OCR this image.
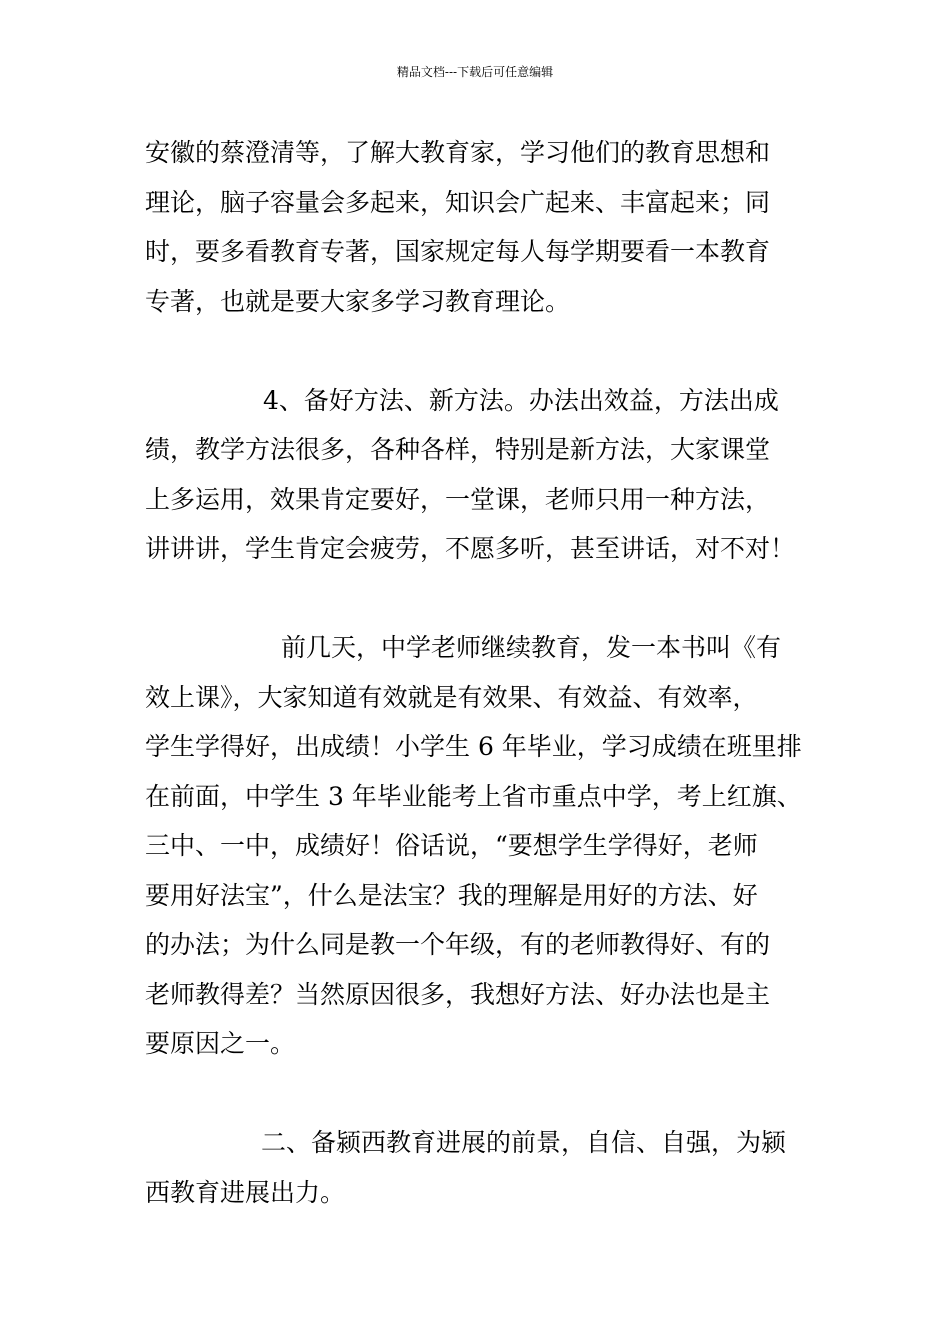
精品文档---下载后可任意编辑
安徽的蔡澄清等，了解大教育家，学习他们的教育思想和
理论，脑子容量会多起来，知识会广起来、丰富起来；同
时，要多看教育专著，国家规定每人每学期要看一本教育
专著，也就是要大家多学习教育理论。
4、备好方法、新方法。办法出效益，方法出成
绩，教学方法很多，各种各样，特别是新方法，大家课堂
上多运用，效果肯定要好，一堂课，老师只用一种方法，
讲讲讲，学生肯定会疲劳，不愿多听，甚至讲话，对不对！
前几天，中学老师继续教育，发一本书叫《有
效上课》，大家知道有效就是有效果、有效益、有效率，
学生学得好，出成绩！小学生 6 年毕业，学习成绩在班里排
在前面，中学生 3 年毕业能考上省市重点中学，考上红旗、
三中、一中，成绩好！俗话说，“要想学生学得好，老师
要用好法宝”，什么是法宝？我的理解是用好的方法、好
的办法；为什么同是教一个年级，有的老师教得好、有的
老师教得差？当然原因很多，我想好方法、好办法也是主
要原因之一。
二、备颍西教育进展的前景，自信、自强，为颍
西教育进展出力。
